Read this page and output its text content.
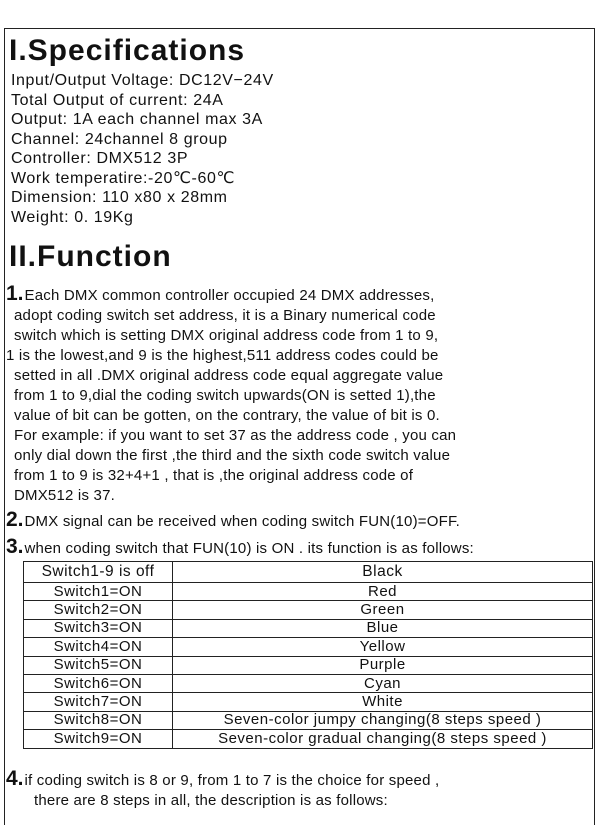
I.Specifications
Input/Output Voltage: DC12V−24V
Total Output of current: 24A
Output: 1A each channel max 3A
Channel: 24channel 8 group
Controller: DMX512 3P
Work temperatire:-20℃-60℃
Dimension: 110 x80 x 28mm
Weight: 0. 19Kg
II.Function
1.Each DMX common controller occupied 24 DMX addresses,
adopt coding switch set address, it is a Binary numerical code
switch which is setting DMX original address code from 1 to 9,
1 is the lowest,and 9 is the highest,511 address codes could be
setted in all .DMX original address code equal aggregate value
from 1 to 9,dial the coding switch upwards(ON is setted 1),the
value of bit can be gotten, on the contrary, the value of bit is 0.
For example: if you want to set 37 as the address code , you can
only dial down the first ,the third and the sixth code switch value
from 1 to 9 is 32+4+1 , that is ,the original address code of
DMX512 is 37.
2.DMX signal can be received when coding switch FUN(10)=OFF.
3.when coding switch that FUN(10) is ON . its function is as follows:
Switch1-9 is off	Black
Switch1=ON	Red
Switch2=ON	Green
Switch3=ON	Blue
Switch4=ON	Yellow
Switch5=ON	Purple
Switch6=ON	Cyan
Switch7=ON	White
Switch8=ON	Seven-color jumpy changing(8 steps speed )
Switch9=ON	Seven-color gradual changing(8 steps speed )
4.if coding switch is 8 or 9, from 1 to 7 is the choice for speed ,
there are 8 steps in all, the description is as follows:
